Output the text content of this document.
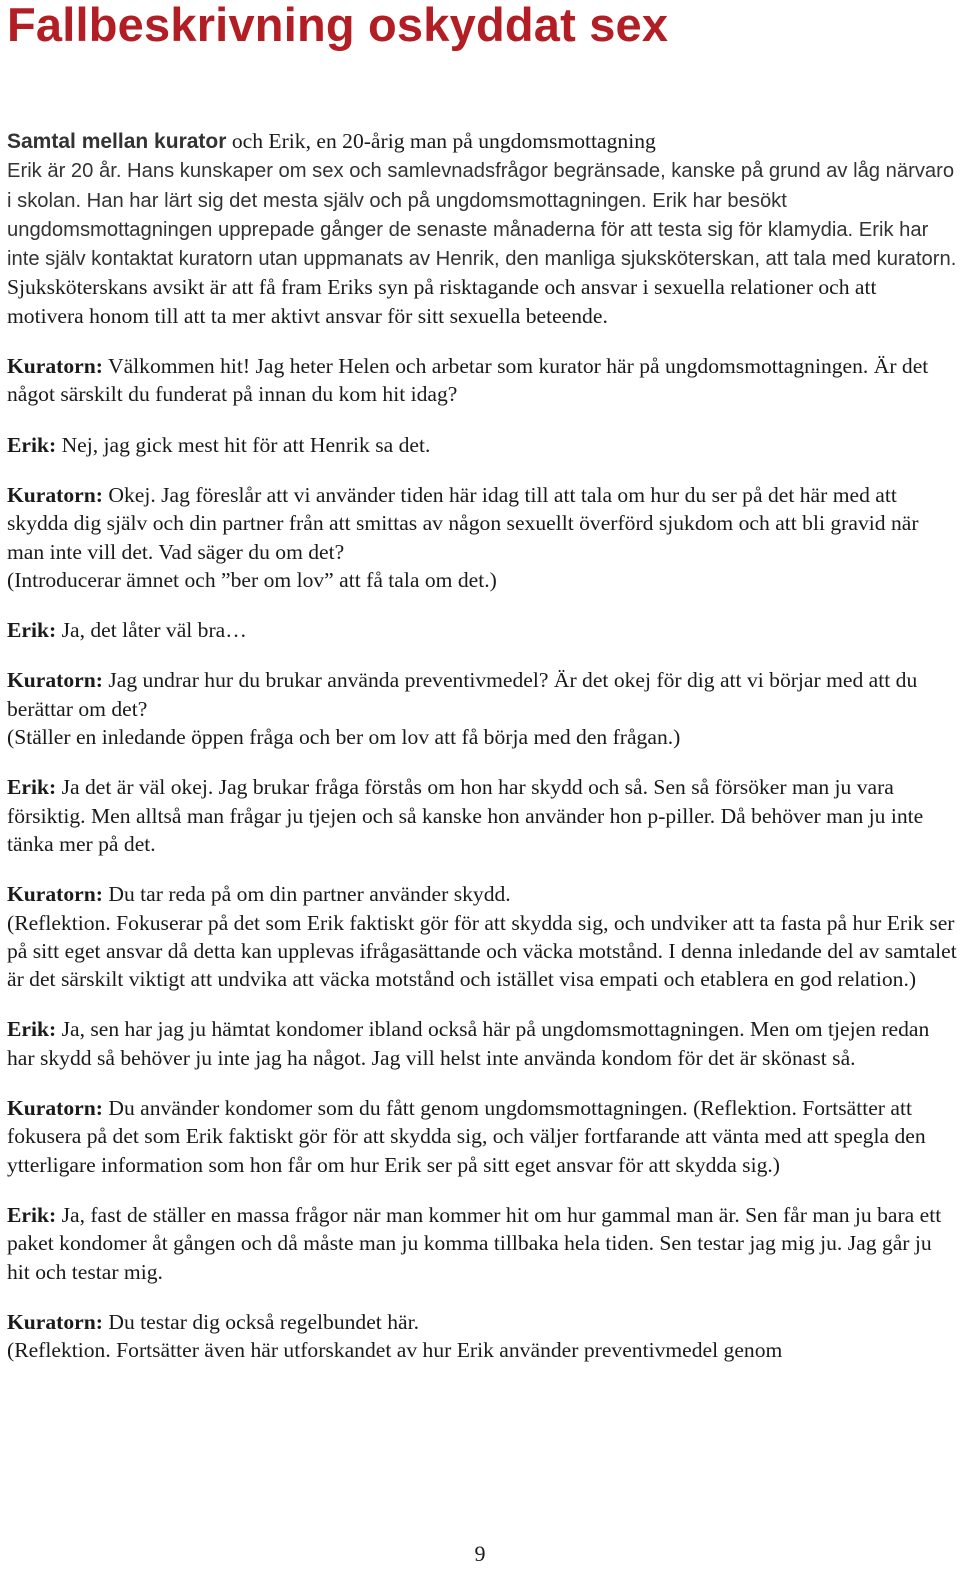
Fallbeskrivning oskyddat sex
Samtal mellan kurator och Erik, en 20-årig man på ungdomsmottagning
Erik är 20 år. Hans kunskaper om sex och samlevnadsfrågor begränsade, kanske på grund av låg närvaro i skolan. Han har lärt sig det mesta själv och på ungdomsmottagningen. Erik har besökt ungdomsmottagningen upprepade gånger de senaste månaderna för att testa sig för klamydia. Erik har inte själv kontaktat kuratorn utan uppmanats av Henrik, den manliga sjuksköterskan, att tala med kuratorn. Sjuksköterskans avsikt är att få fram Eriks syn på risktagande och ansvar i sexuella relationer och att motivera honom till att ta mer aktivt ansvar för sitt sexuella beteende.
Kuratorn: Välkommen hit! Jag heter Helen och arbetar som kurator här på ungdomsmottagningen. Är det något särskilt du funderat på innan du kom hit idag?
Erik: Nej, jag gick mest hit för att Henrik sa det.
Kuratorn: Okej. Jag föreslår att vi använder tiden här idag till att tala om hur du ser på det här med att skydda dig själv och din partner från att smittas av någon sexuellt överförd sjukdom och att bli gravid när man inte vill det. Vad säger du om det?
(Introducerar ämnet och ”ber om lov” att få tala om det.)
Erik: Ja, det låter väl bra…
Kuratorn: Jag undrar hur du brukar använda preventivmedel? Är det okej för dig att vi börjar med att du berättar om det?
(Ställer en inledande öppen fråga och ber om lov att få börja med den frågan.)
Erik: Ja det är väl okej. Jag brukar fråga förstås om hon har skydd och så. Sen så försöker man ju vara försiktig. Men alltså man frågar ju tjejen och så kanske hon använder hon p-piller. Då behöver man ju inte tänka mer på det.
Kuratorn: Du tar reda på om din partner använder skydd.
(Reflektion. Fokuserar på det som Erik faktiskt gör för att skydda sig, och undviker att ta fasta på hur Erik ser på sitt eget ansvar då detta kan upplevas ifrågasättande och väcka motstånd. I denna inledande del av samtalet är det särskilt viktigt att undvika att väcka motstånd och istället visa empati och etablera en god relation.)
Erik: Ja, sen har jag ju hämtat kondomer ibland också här på ungdomsmottagningen. Men om tjejen redan har skydd så behöver ju inte jag ha något. Jag vill helst inte använda kondom för det är skönast så.
Kuratorn: Du använder kondomer som du fått genom ungdomsmottagningen. (Reflektion. Fortsätter att fokusera på det som Erik faktiskt gör för att skydda sig, och väljer fortfarande att vänta med att spegla den ytterligare information som hon får om hur Erik ser på sitt eget ansvar för att skydda sig.)
Erik: Ja, fast de ställer en massa frågor när man kommer hit om hur gammal man är. Sen får man ju bara ett paket kondomer åt gången och då måste man ju komma tillbaka hela tiden. Sen testar jag mig ju. Jag går ju hit och testar mig.
Kuratorn: Du testar dig också regelbundet här.
(Reflektion. Fortsätter även här utforskandet av hur Erik använder preventivmedel genom
9
